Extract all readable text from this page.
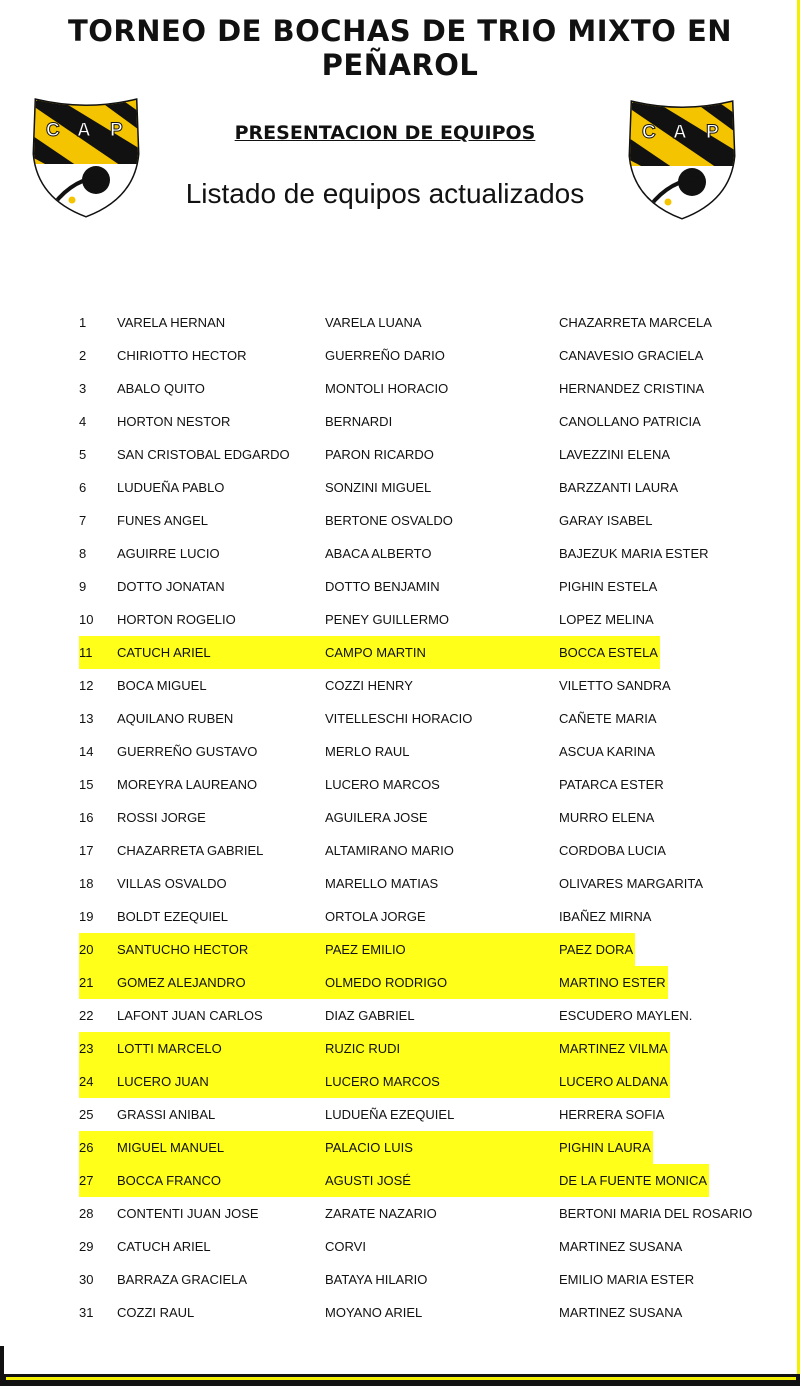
TORNEO DE BOCHAS DE TRIO MIXTO EN PEÑAROL
PRESENTACION DE EQUIPOS
Listado de equipos actualizados
C A P	C A P
1 VARELA HERNAN	VARELA LUANA	CHAZARRETA MARCELA
2 CHIRIOTTO HECTOR	GUERREÑO DARIO	CANAVESIO GRACIELA
3 ABALO QUITO	MONTOLI HORACIO	HERNANDEZ CRISTINA
4 HORTON NESTOR	BERNARDI	CANOLLANO PATRICIA
5 SAN CRISTOBAL EDGARDO	PARON RICARDO	LAVEZZINI ELENA
6 LUDUEÑA PABLO	SONZINI MIGUEL	BARZZANTI LAURA
7 FUNES ANGEL	BERTONE OSVALDO	GARAY ISABEL
8 AGUIRRE LUCIO	ABACA ALBERTO	BAJEZUK MARIA ESTER
9 DOTTO JONATAN	DOTTO BENJAMIN	PIGHIN ESTELA
10 HORTON ROGELIO	PENEY GUILLERMO	LOPEZ MELINA
11 CATUCH ARIEL	CAMPO MARTIN	BOCCA ESTELA
12 BOCA MIGUEL	COZZI HENRY	VILETTO SANDRA
13 AQUILANO RUBEN	VITELLESCHI HORACIO	CAÑETE MARIA
14 GUERREÑO GUSTAVO	MERLO RAUL	ASCUA KARINA
15 MOREYRA LAUREANO	LUCERO MARCOS	PATARCA ESTER
16 ROSSI JORGE	AGUILERA JOSE	MURRO ELENA
17 CHAZARRETA GABRIEL	ALTAMIRANO MARIO	CORDOBA LUCIA
18 VILLAS OSVALDO	MARELLO MATIAS	OLIVARES MARGARITA
19 BOLDT EZEQUIEL	ORTOLA JORGE	IBAÑEZ MIRNA
20 SANTUCHO HECTOR	PAEZ EMILIO	PAEZ DORA
21 GOMEZ ALEJANDRO	OLMEDO RODRIGO	MARTINO ESTER
22 LAFONT JUAN CARLOS	DIAZ GABRIEL	ESCUDERO MAYLEN.
23 LOTTI MARCELO	RUZIC RUDI	MARTINEZ VILMA
24 LUCERO JUAN	LUCERO MARCOS	LUCERO ALDANA
25 GRASSI ANIBAL	LUDUEÑA EZEQUIEL	HERRERA SOFIA
26 MIGUEL MANUEL	PALACIO LUIS	PIGHIN LAURA
27 BOCCA FRANCO	AGUSTI JOSÉ	DE LA FUENTE MONICA
28 CONTENTI JUAN JOSE	ZARATE NAZARIO	BERTONI MARIA DEL ROSARIO
29 CATUCH ARIEL	CORVI	MARTINEZ SUSANA
30 BARRAZA GRACIELA	BATAYA HILARIO	EMILIO MARIA ESTER
31 COZZI RAUL	MOYANO ARIEL	MARTINEZ SUSANA
